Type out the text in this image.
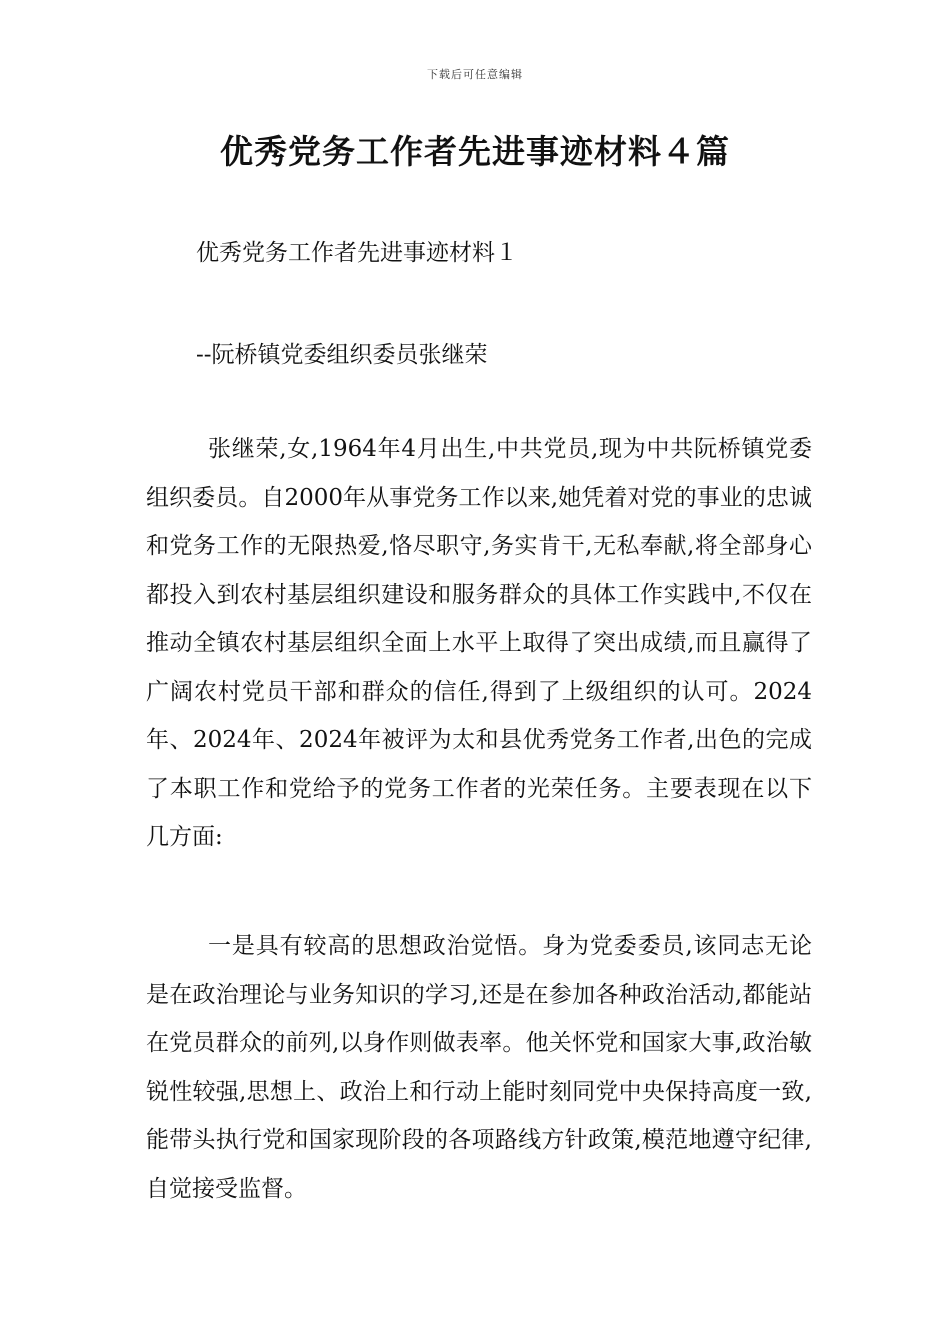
下载后可任意编辑
优秀党务工作者先进事迹材料４篇

优秀党务工作者先进事迹材料１

--阮桥镇党委组织委员张继荣

张继荣,女,1964年4月出生,中共党员,现为中共阮桥镇党委组织委员。自2000年从事党务工作以来,她凭着对党的事业的忠诚和党务工作的无限热爱,恪尽职守,务实肯干,无私奉献,将全部身心都投入到农村基层组织建设和服务群众的具体工作实践中,不仅在推动全镇农村基层组织全面上水平上取得了突出成绩,而且赢得了广阔农村党员干部和群众的信任,得到了上级组织的认可。2024年、2024年、2024年被评为太和县优秀党务工作者,出色的完成了本职工作和党给予的党务工作者的光荣任务。主要表现在以下几方面:

一是具有较高的思想政治觉悟。身为党委委员,该同志无论是在政治理论与业务知识的学习,还是在参加各种政治活动,都能站在党员群众的前列,以身作则做表率。他关怀党和国家大事,政治敏锐性较强,思想上、政治上和行动上能时刻同党中央保持高度一致,能带头执行党和国家现阶段的各项路线方针政策,模范地遵守纪律,自觉接受监督。
